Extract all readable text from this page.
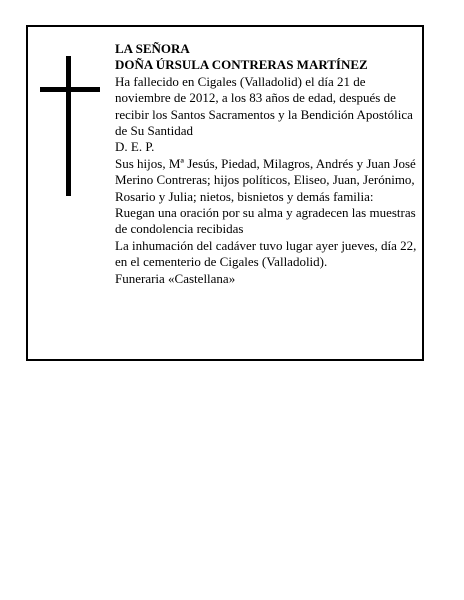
LA SEÑORA

DOÑA ÚRSULA CONTRERAS MARTÍNEZ

Ha fallecido en Cigales (Valladolid) el día 21 de noviembre de 2012, a los 83 años de edad, después de recibir los Santos Sacramentos y la Bendición Apostólica de Su Santidad

D. E. P.

Sus hijos, Mª Jesús, Piedad, Milagros, Andrés y Juan José Merino Contreras; hijos políticos, Eliseo, Juan, Jerónimo, Rosario y Julia; nietos, bisnietos y demás familia:

Ruegan una oración por su alma y agradecen las muestras de condolencia recibidas

La inhumación del cadáver tuvo lugar ayer jueves, día 22, en el cementerio de Cigales (Valladolid).

Funeraria «Castellana»
